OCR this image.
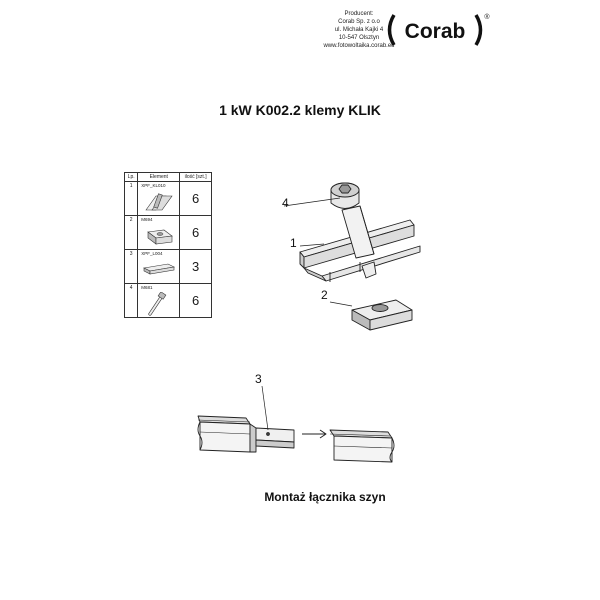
Producent:
Corab Sp. z o.o
ul. Michała Kajki 4
10-547 Olsztyn
www.fotowoltaika.corab.eu
Corab
®
1 kW K002.2 klemy KLIK
Lp.	Element	ilość [szt.]
1	XPF_KL010	6
2	M694	6
3	XPF_L004	3
4	M681	6
4
1
2
3
Montaż łącznika szyn
